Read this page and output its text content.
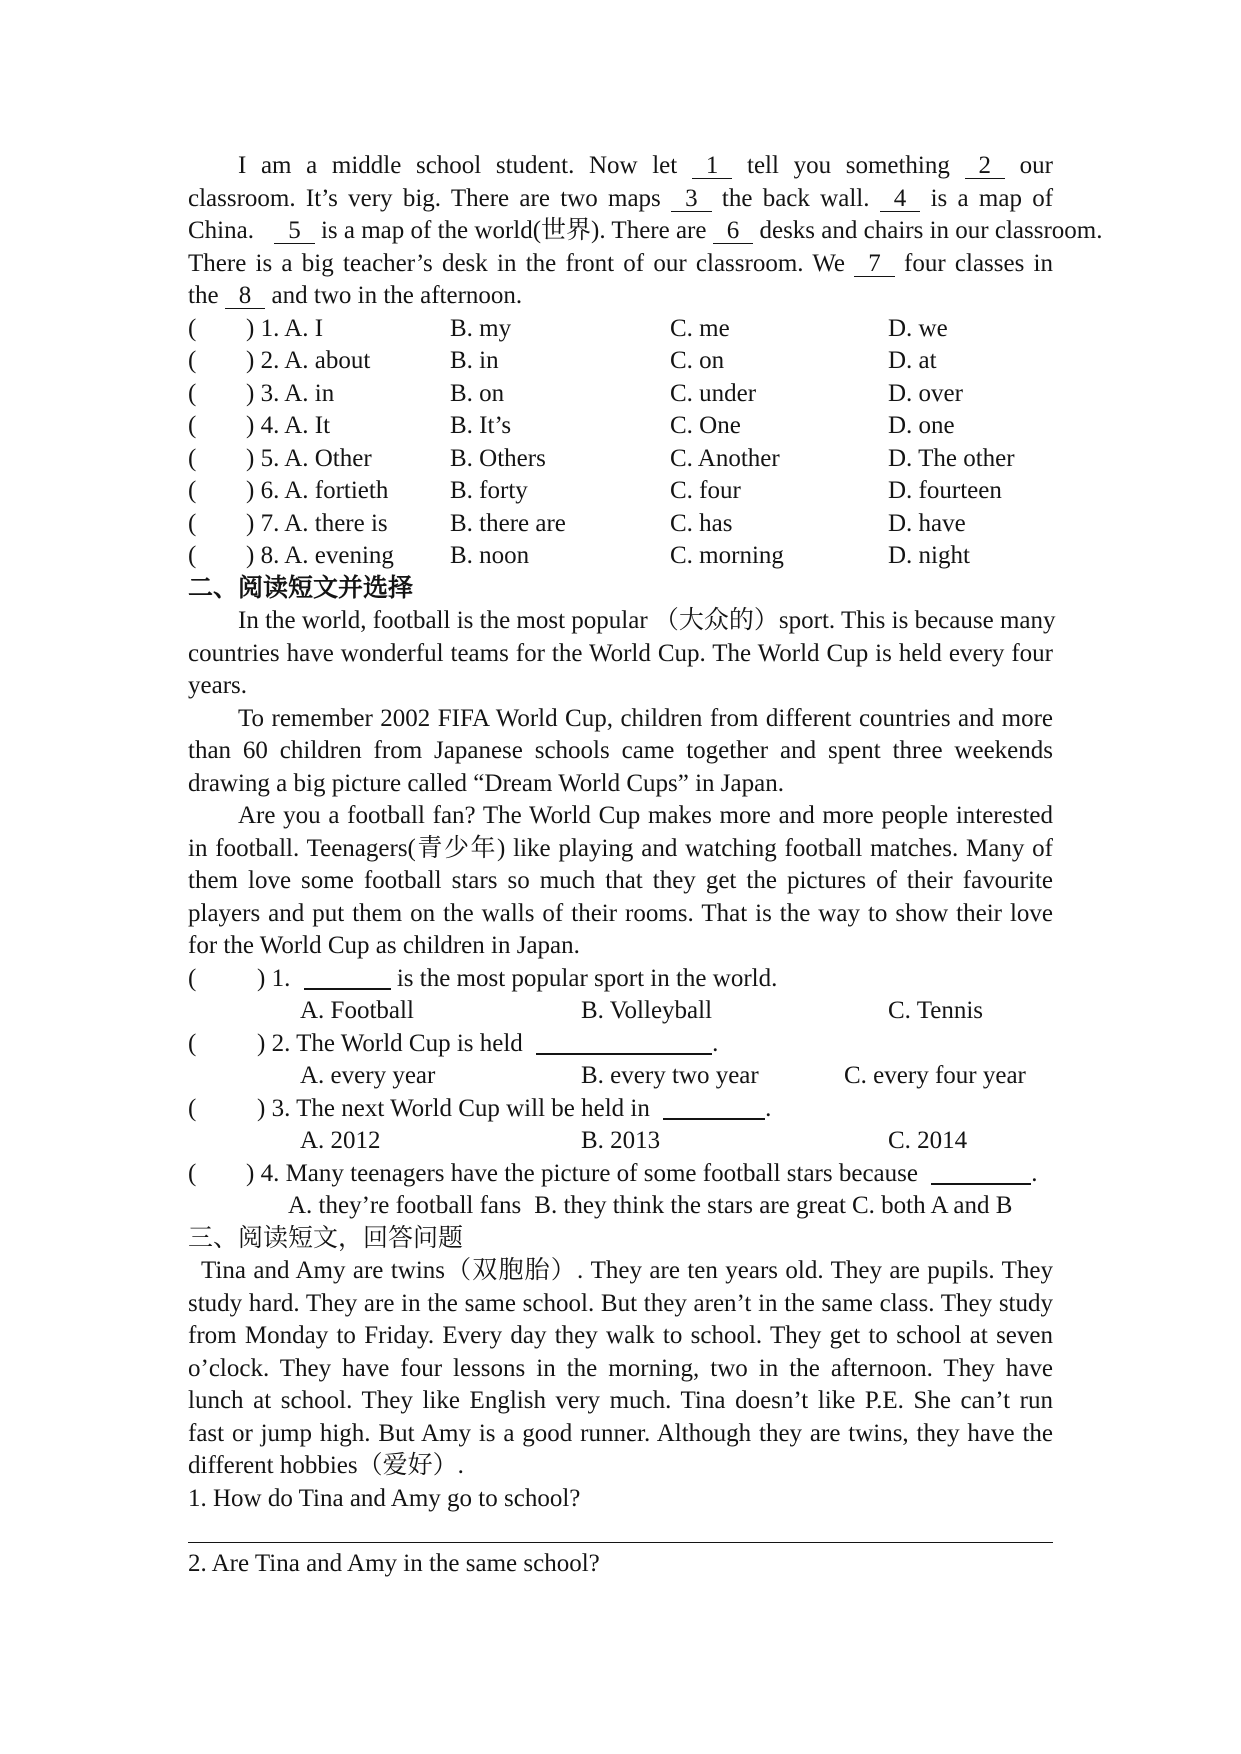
I am a middle school student. Now let 1 tell you something 2 our
classroom. It’s very big. There are two maps 3 the back wall. 4 is a map of
China. 5 is a map of the world(世界). There are 6 desks and chairs in our classroom.
There is a big teacher’s desk in the front of our classroom. We 7 four classes in
the 8 and two in the afternoon.
( ) 1. A. I	B. my	C. me	D. we
( ) 2. A. about	B. in	C. on	D. at
( ) 3. A. in	B. on	C. under	D. over
( ) 4. A. It	B. It’s	C. One	D. one
( ) 5. A. Other	B. Others	C. Another	D. The other
( ) 6. A. fortieth B. forty	C. four	D. fourteen
( ) 7. A. there is B. there are	C. has	D. have
( ) 8. A. evening B. noon	C. morning	D. night
二、阅读短文并选择
In the world, football is the most popular （大众的）sport. This is because many
countries have wonderful teams for the World Cup. The World Cup is held every four
years.
To remember 2002 FIFA World Cup, children from different countries and more
than 60 children from Japanese schools came together and spent three weekends
drawing a big picture called “Dream World Cups” in Japan.
Are you a football fan? The World Cup makes more and more people interested
in football. Teenagers(青少年) like playing and watching football matches. Many of
them love some football stars so much that they get the pictures of their favourite
players and put them on the walls of their rooms. That is the way to show their love
for the World Cup as children in Japan.
( ) 1.	is the most popular sport in the world.
A. Football	B. Volleyball	C. Tennis
( ) 2. The World Cup is held	.
A. every year	B. every two year	C. every four year
( ) 3. The next World Cup will be held in	.
A. 2012	B. 2013	C. 2014
( ) 4. Many teenagers have the picture of some football stars because	.
A. they’re football fans B. they think the stars are great C. both A and B
三、阅读短文，回答问题
Tina and Amy are twins（双胞胎）. They are ten years old. They are pupils. They
study hard. They are in the same school. But they aren’t in the same class. They study
from Monday to Friday. Every day they walk to school. They get to school at seven
o’clock. They have four lessons in the morning, two in the afternoon. They have
lunch at school. They like English very much. Tina doesn’t like P.E. She can’t run
fast or jump high. But Amy is a good runner. Although they are twins, they have the
different hobbies（爱好）.
1. How do Tina and Amy go to school?
2. Are Tina and Amy in the same school?
